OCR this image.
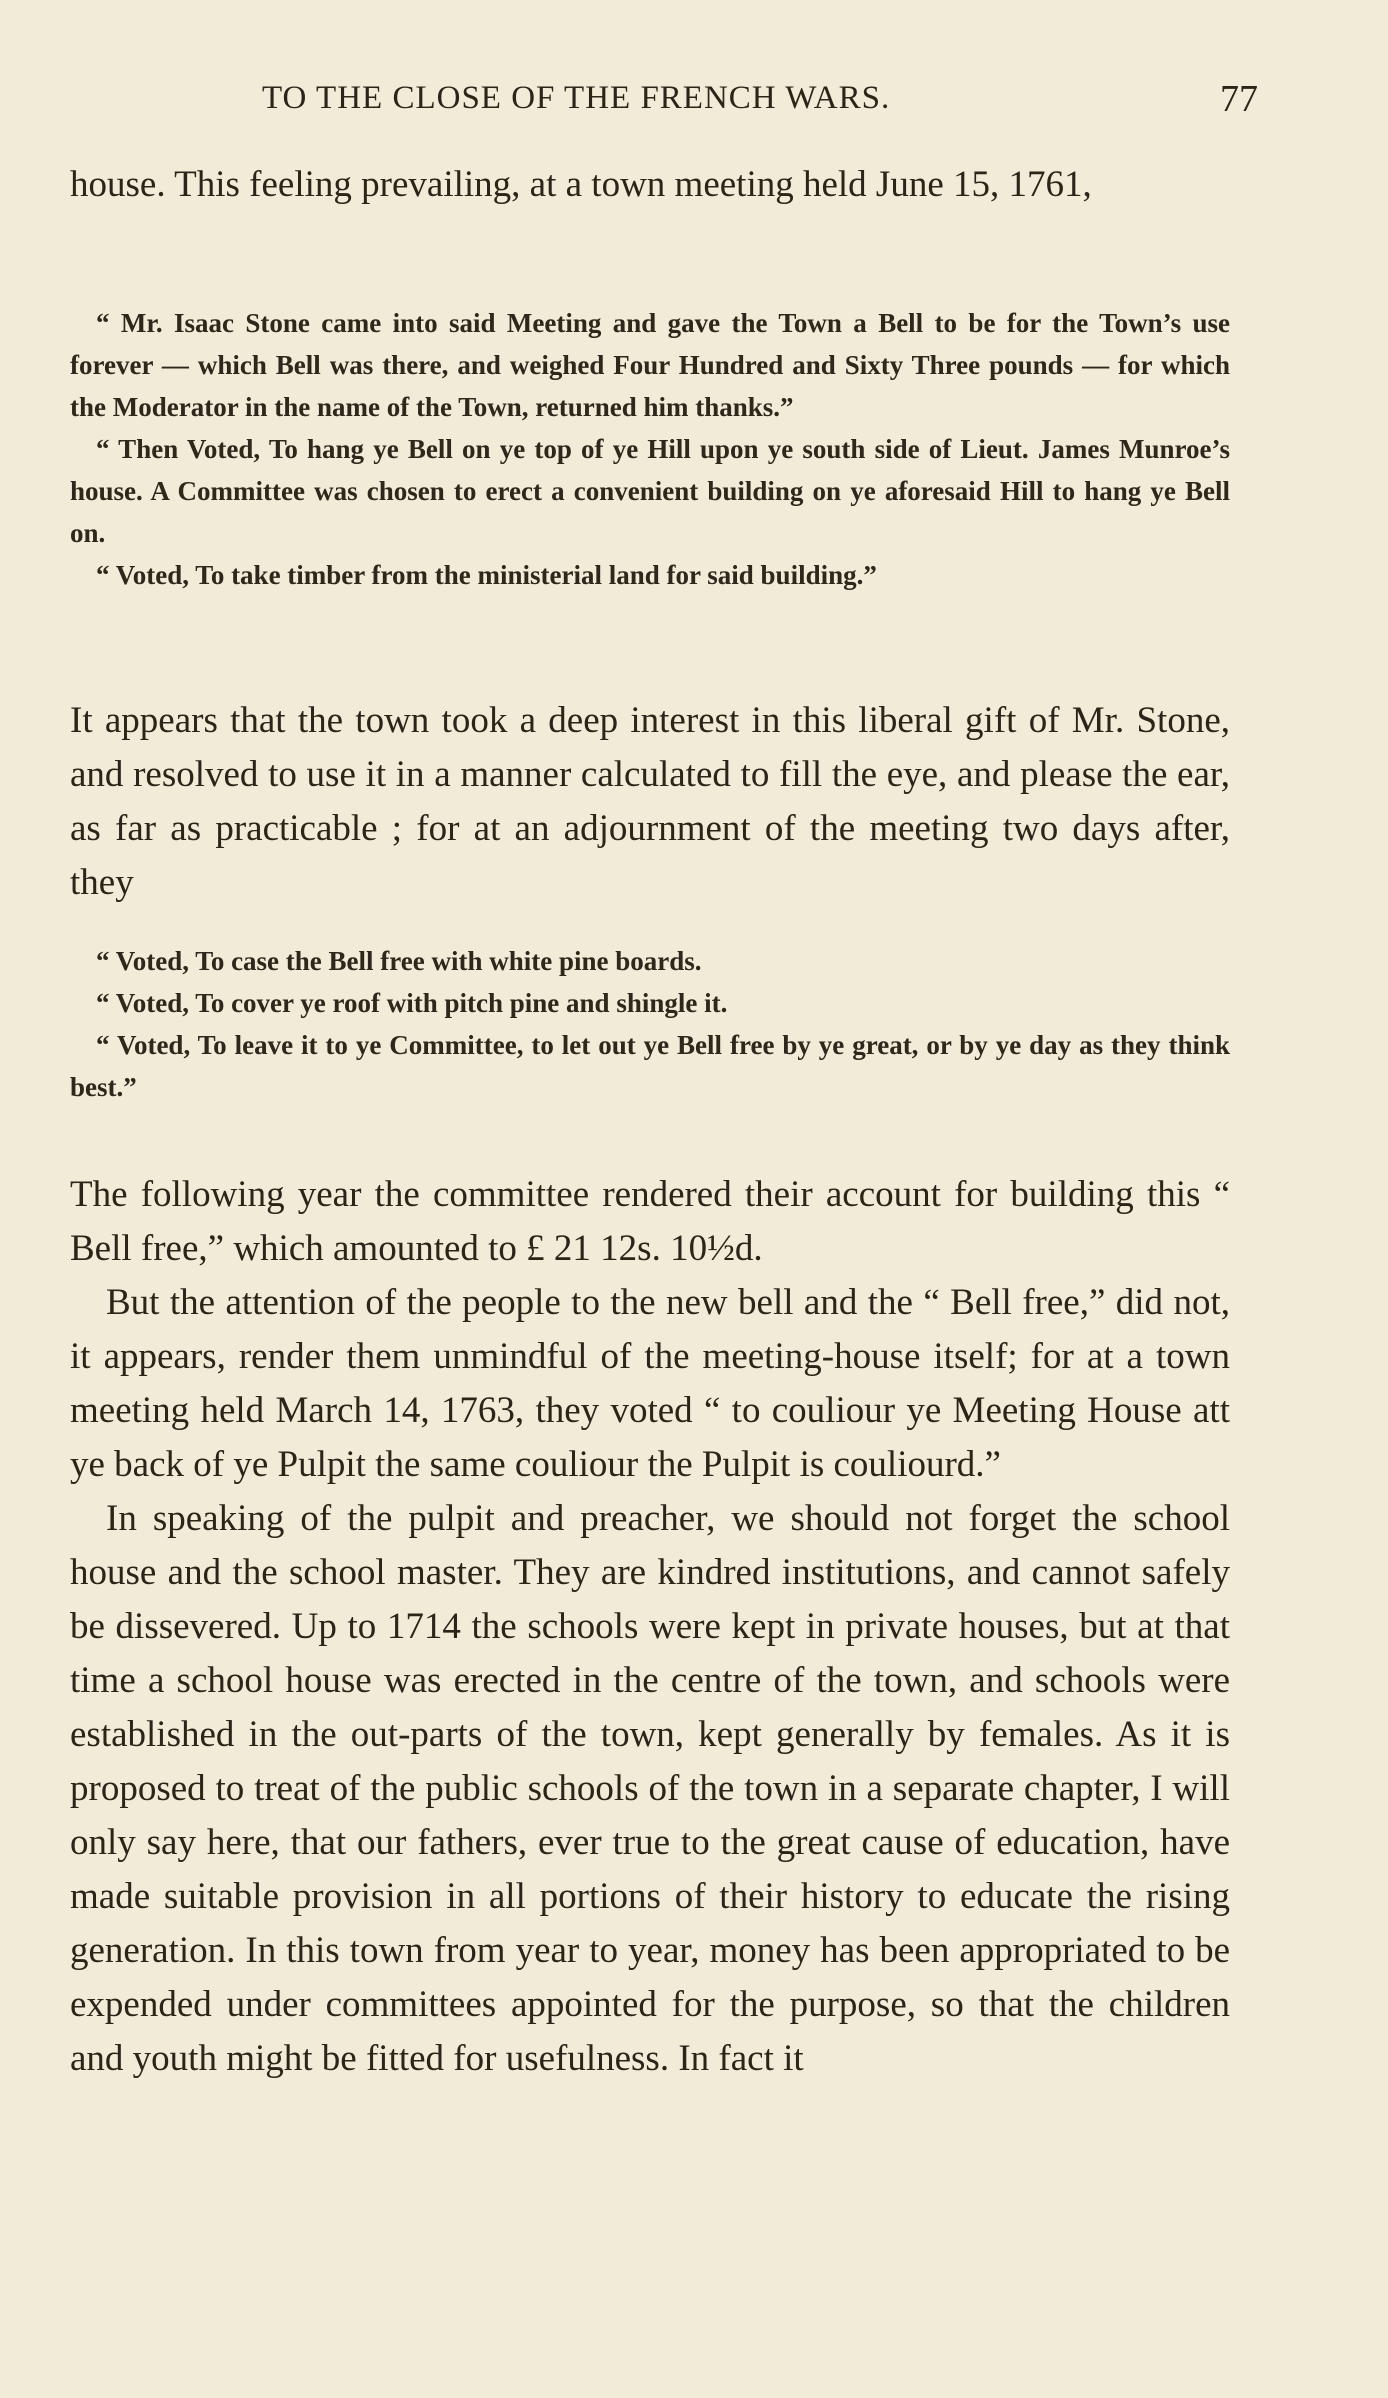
TO THE CLOSE OF THE FRENCH WARS.	77

house. This feeling prevailing, at a town meeting held June 15, 1761,

“ Mr. Isaac Stone came into said Meeting and gave the Town a Bell to be for the Town’s use forever — which Bell was there, and weighed Four Hundred and Sixty Three pounds — for which the Moderator in the name of the Town, returned him thanks.”

“ Then Voted, To hang ye Bell on ye top of ye Hill upon ye south side of Lieut. James Munroe’s house. A Committee was chosen to erect a convenient building on ye aforesaid Hill to hang ye Bell on.

“ Voted, To take timber from the ministerial land for said building.”

It appears that the town took a deep interest in this liberal gift of Mr. Stone, and resolved to use it in a manner calculated to fill the eye, and please the ear, as far as practicable ; for at an adjournment of the meeting two days after, they

“ Voted, To case the Bell free with white pine boards.

“ Voted, To cover ye roof with pitch pine and shingle it.

“ Voted, To leave it to ye Committee, to let out ye Bell free by ye great, or by ye day as they think best.”

The following year the committee rendered their account for building this “ Bell free,” which amounted to £ 21 12s. 10½d.

But the attention of the people to the new bell and the “ Bell free,” did not, it appears, render them unmindful of the meeting-house itself; for at a town meeting held March 14, 1763, they voted “ to couliour ye Meeting House att ye back of ye Pulpit the same couliour the Pulpit is couliourd.”

In speaking of the pulpit and preacher, we should not forget the school house and the school master. They are kindred institutions, and cannot safely be dissevered. Up to 1714 the schools were kept in private houses, but at that time a school house was erected in the centre of the town, and schools were established in the out-parts of the town, kept generally by females. As it is proposed to treat of the public schools of the town in a separate chapter, I will only say here, that our fathers, ever true to the great cause of education, have made suitable provision in all portions of their history to educate the rising generation. In this town from year to year, money has been appropriated to be expended under committees appointed for the purpose, so that the children and youth might be fitted for usefulness. In fact it
